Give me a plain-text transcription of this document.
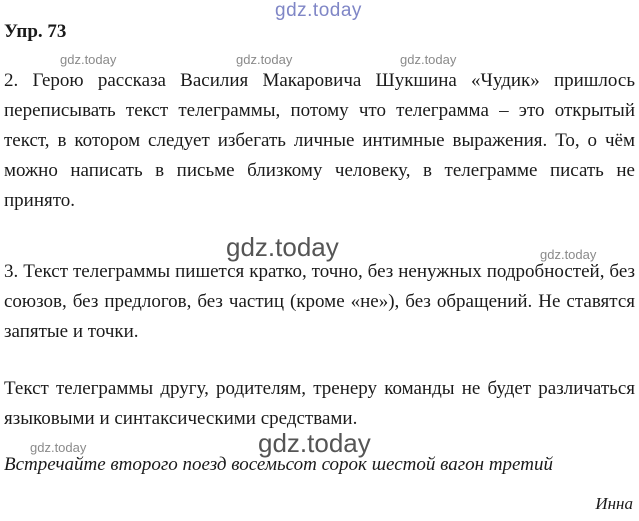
gdz.today
Упр. 73
gdz.today	gdz.today	gdz.today

2. Герою рассказа Василия Макаровича Шукшина «Чудик» пришлось переписывать текст телеграммы, потому что телеграмма – это открытый текст, в котором следует избегать личные интимные выражения. То, о чём можно написать в письме близкому человеку, в телеграмме писать не принято.

gdz.today	gdz.today

3. Текст телеграммы пишется кратко, точно, без ненужных подробностей, без союзов, без предлогов, без частиц (кроме «не»), без обращений. Не ставятся запятые и точки.

Текст телеграммы другу, родителям, тренеру команды не будет различаться языковыми и синтаксическими средствами.

gdz.today	gdz.today
Встречайте второго поезд восемьсот сорок шестой вагон третий
Инна
